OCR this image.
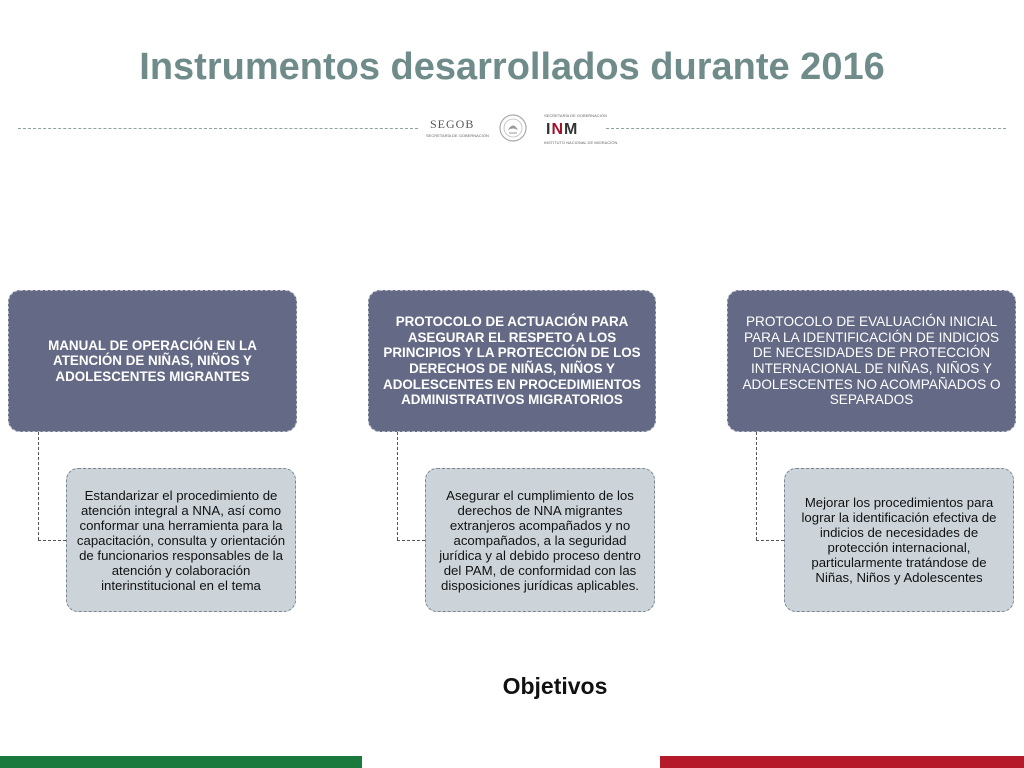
Instrumentos desarrollados durante 2016
SEGOB
SECRETARÍA DE GOBERNACIÓN
SECRETARÍA DE GOBERNACIÓN
INM
INSTITUTO NACIONAL DE MIGRACIÓN
MANUAL DE OPERACIÓN EN LA ATENCIÓN DE NIÑAS, NIÑOS Y ADOLESCENTES MIGRANTES
Estandarizar el procedimiento de atención integral a NNA, así como conformar una herramienta para la capacitación, consulta y orientación de funcionarios responsables de la atención y colaboración interinstitucional en el tema
PROTOCOLO DE ACTUACIÓN PARA ASEGURAR EL RESPETO A LOS PRINCIPIOS Y LA PROTECCIÓN DE LOS DERECHOS DE NIÑAS, NIÑOS Y ADOLESCENTES EN PROCEDIMIENTOS ADMINISTRATIVOS MIGRATORIOS
Asegurar el cumplimiento de los derechos de NNA migrantes extranjeros acompañados y no acompañados, a la seguridad jurídica y al debido proceso dentro del PAM, de conformidad con las disposiciones jurídicas aplicables.
PROTOCOLO DE EVALUACIÓN INICIAL PARA LA IDENTIFICACIÓN DE INDICIOS DE NECESIDADES DE PROTECCIÓN INTERNACIONAL DE NIÑAS, NIÑOS Y ADOLESCENTES NO ACOMPAÑADOS O SEPARADOS
Mejorar los procedimientos para lograr la identificación efectiva de indicios de necesidades de protección internacional, particularmente tratándose de Niñas, Niños y Adolescentes
Objetivos
